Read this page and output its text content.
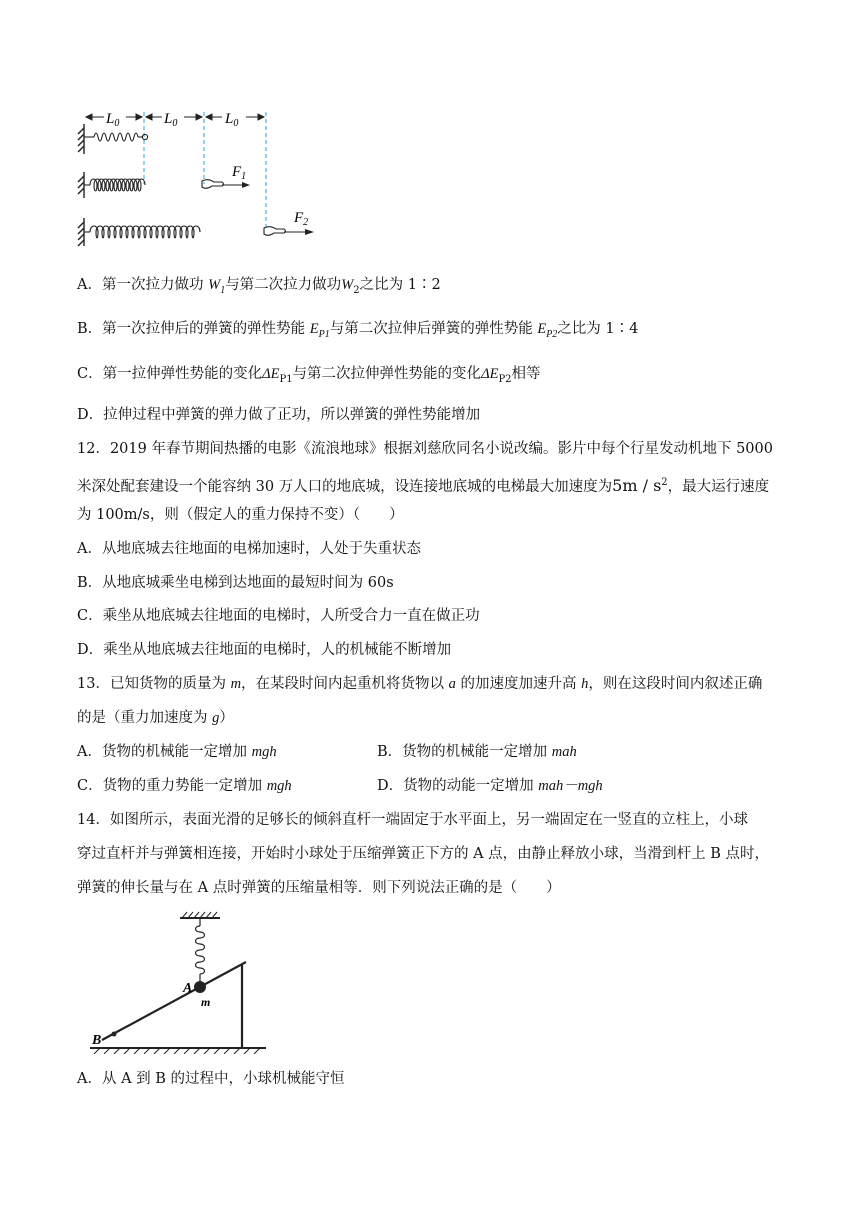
$L_0$	$L_0$	$L_0$
$F_1$
$F_2$
A．第一次拉力做功 $W_1$与第二次拉力做功$W_2$之比为 1∶2
B．第一次拉伸后的弹簧的弹性势能 $E_{P1}$与第二次拉伸后弹簧的弹性势能 $E_{P2}$之比为 1∶4
C．第一拉伸弹性势能的变化$\Delta E_{P1}$与第二次拉伸弹性势能的变化$\Delta E_{P2}$相等
D．拉伸过程中弹簧的弹力做了正功，所以弹簧的弹性势能增加
12．2019 年春节期间热播的电影《流浪地球》根据刘慈欣同名小说改编。影片中每个行星发动机地下 5000
米深处配套建设一个能容纳 30 万人口的地底城，设连接地底城的电梯最大加速度为$5m / s^2$，最大运行速度
为 100m/s，则（假定人的重力保持不变）（　　）
A．从地底城去往地面的电梯加速时，人处于失重状态
B．从地底城乘坐电梯到达地面的最短时间为 60s
C．乘坐从地底城去往地面的电梯时，人所受合力一直在做正功
D．乘坐从地底城去往地面的电梯时，人的机械能不断增加
13．已知货物的质量为 m，在某段时间内起重机将货物以 a 的加速度加速升高 h，则在这段时间内叙述正确
的是（重力加速度为 g）
A．货物的机械能一定增加 mgh	B．货物的机械能一定增加 mah
C．货物的重力势能一定增加 mgh	D．货物的动能一定增加 mah－mgh
14．如图所示，表面光滑的足够长的倾斜直杆一端固定于水平面上，另一端固定在一竖直的立柱上，小球
穿过直杆并与弹簧相连接，开始时小球处于压缩弹簧正下方的 A 点，由静止释放小球，当滑到杆上 B 点时，
弹簧的伸长量与在 A 点时弹簧的压缩量相等．则下列说法正确的是（　　）
A
m
B
A．从 A 到 B 的过程中，小球机械能守恒
